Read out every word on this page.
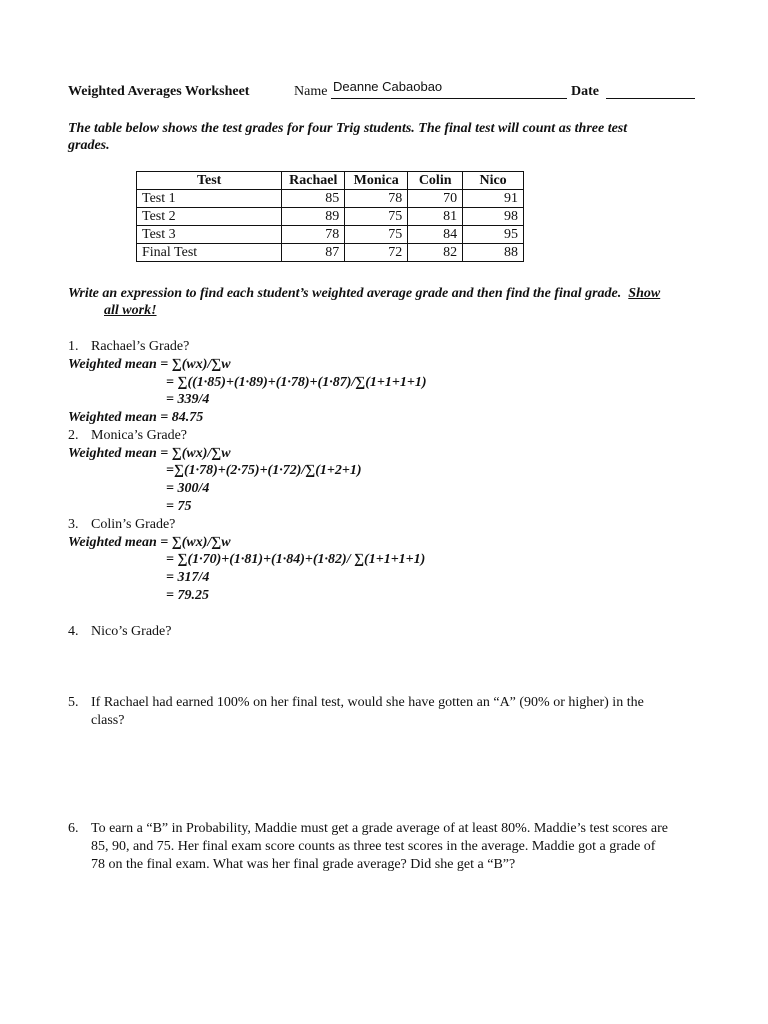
Weighted Averages Worksheet	Name Deanne Cabaobao	Date
The table below shows the test grades for four Trig students. The final test will count as three test
grades.
Test	Rachael	Monica	Colin	Nico
Test 1	85	78	70	91
Test 2	89	75	81	98
Test 3	78	75	84	95
Final Test	87	72	82	88
Write an expression to find each student’s weighted average grade and then find the final grade. Show
all work!
1. Rachael’s Grade?
Weighted mean = ∑(wx)/∑w
= ∑((1·85)+(1·89)+(1·78)+(1·87)/∑(1+1+1+1)
= 339/4
Weighted mean = 84.75
2. Monica’s Grade?
Weighted mean = ∑(wx)/∑w
=∑(1·78)+(2·75)+(1·72)/∑(1+2+1)
= 300/4
= 75
3. Colin’s Grade?
Weighted mean = ∑(wx)/∑w
= ∑(1·70)+(1·81)+(1·84)+(1·82)/ ∑(1+1+1+1)
= 317/4
= 79.25
4. Nico’s Grade?
5. If Rachael had earned 100% on her final test, would she have gotten an “A” (90% or higher) in the
class?
6. To earn a “B” in Probability, Maddie must get a grade average of at least 80%. Maddie’s test scores are
85, 90, and 75. Her final exam score counts as three test scores in the average. Maddie got a grade of
78 on the final exam. What was her final grade average? Did she get a “B”?
